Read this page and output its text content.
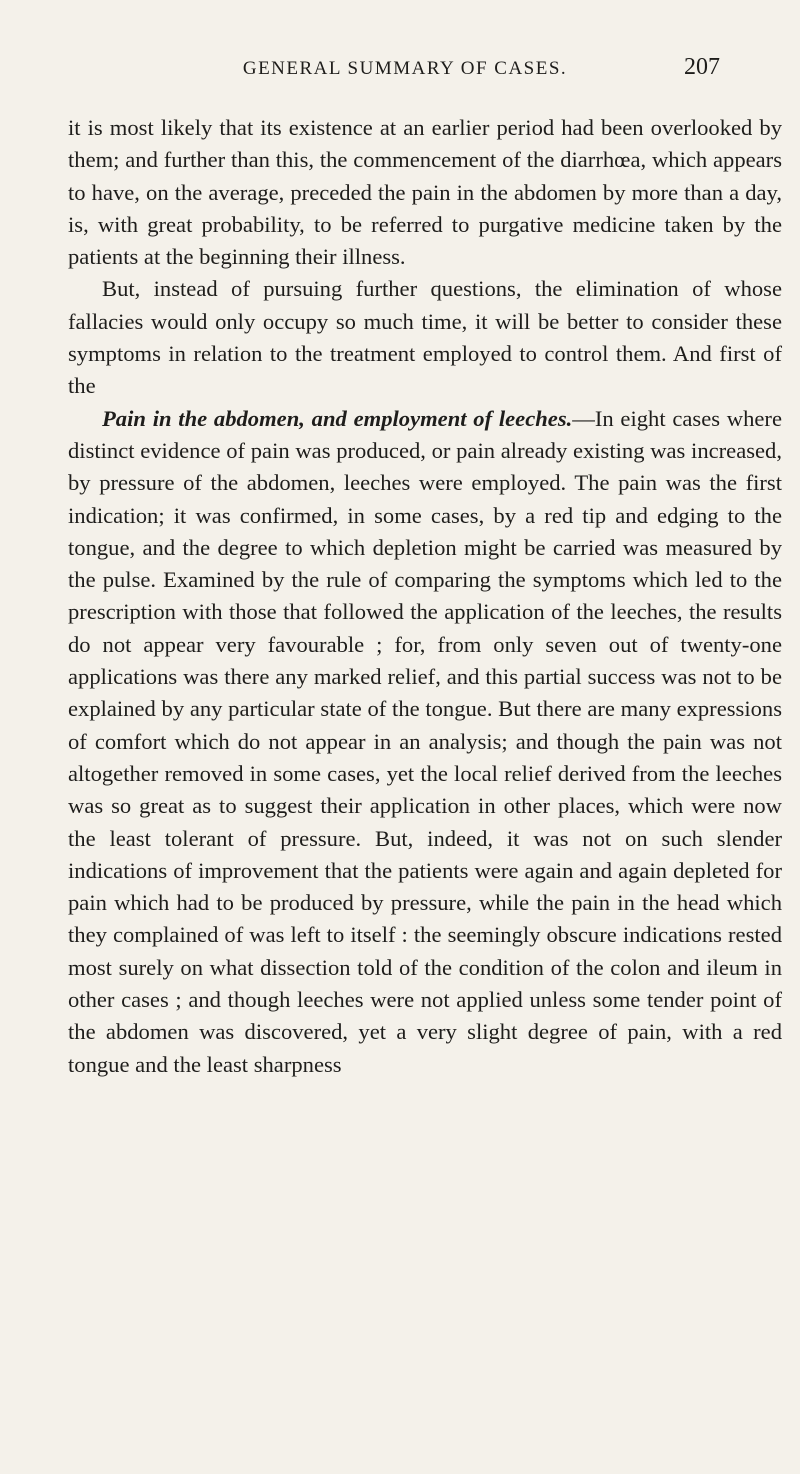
GENERAL SUMMARY OF CASES.	207

it is most likely that its existence at an earlier period had been overlooked by them; and further than this, the commencement of the diarrhœa, which appears to have, on the average, preceded the pain in the abdomen by more than a day, is, with great probability, to be referred to purgative medicine taken by the patients at the beginning their illness.

But, instead of pursuing further questions, the elimination of whose fallacies would only occupy so much time, it will be better to consider these symptoms in relation to the treatment employed to control them. And first of the

Pain in the abdomen, and employment of leeches.—In eight cases where distinct evidence of pain was produced, or pain already existing was increased, by pressure of the abdomen, leeches were employed. The pain was the first indication; it was confirmed, in some cases, by a red tip and edging to the tongue, and the degree to which depletion might be carried was measured by the pulse. Examined by the rule of comparing the symptoms which led to the prescription with those that followed the application of the leeches, the results do not appear very favourable ; for, from only seven out of twenty-one applications was there any marked relief, and this partial success was not to be explained by any particular state of the tongue. But there are many expressions of comfort which do not appear in an analysis; and though the pain was not altogether removed in some cases, yet the local relief derived from the leeches was so great as to suggest their application in other places, which were now the least tolerant of pressure. But, indeed, it was not on such slender indications of improvement that the patients were again and again depleted for pain which had to be produced by pressure, while the pain in the head which they complained of was left to itself : the seemingly obscure indications rested most surely on what dissection told of the condition of the colon and ileum in other cases ; and though leeches were not applied unless some tender point of the abdomen was discovered, yet a very slight degree of pain, with a red tongue and the least sharpness
